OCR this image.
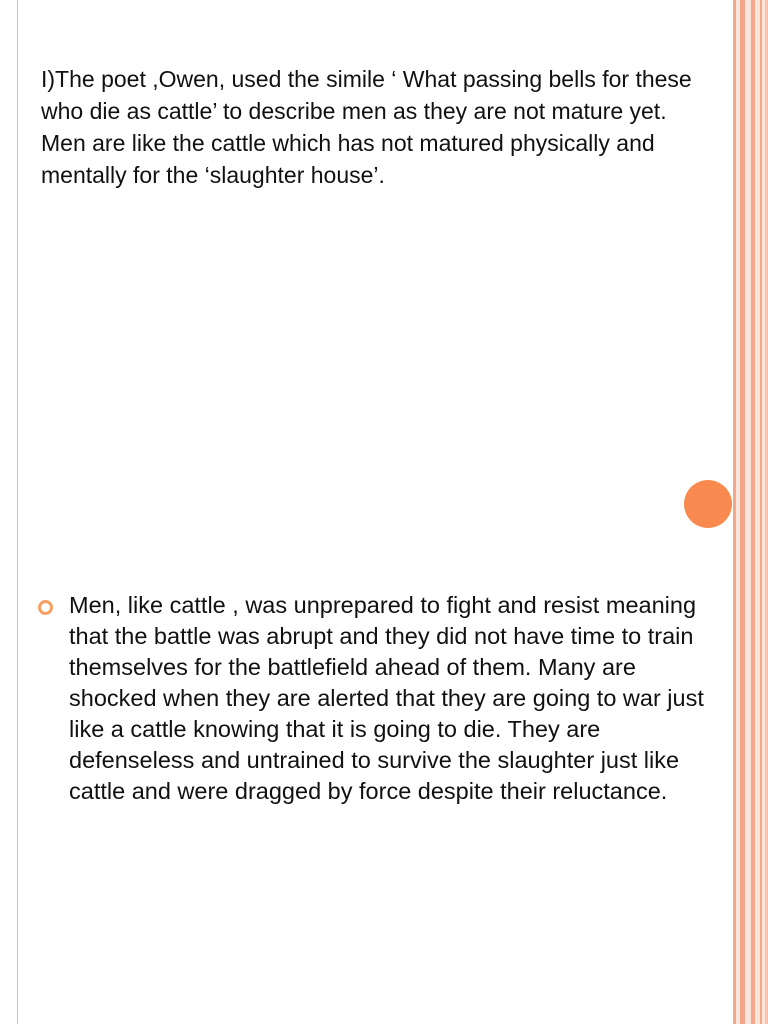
I)The poet ,Owen, used the simile ‘ What passing bells for these who die as cattle’ to describe men as they are not mature yet. Men are like the cattle which has not matured physically and mentally for the ‘slaughter house’.

Men, like cattle , was unprepared to fight and resist meaning that the battle was abrupt and they did not have time to train themselves for the battlefield ahead of them. Many are shocked when they are alerted that they are going to war just like a cattle knowing that it is going to die. They are defenseless and untrained to survive the slaughter just like cattle and were dragged by force despite their reluctance.
